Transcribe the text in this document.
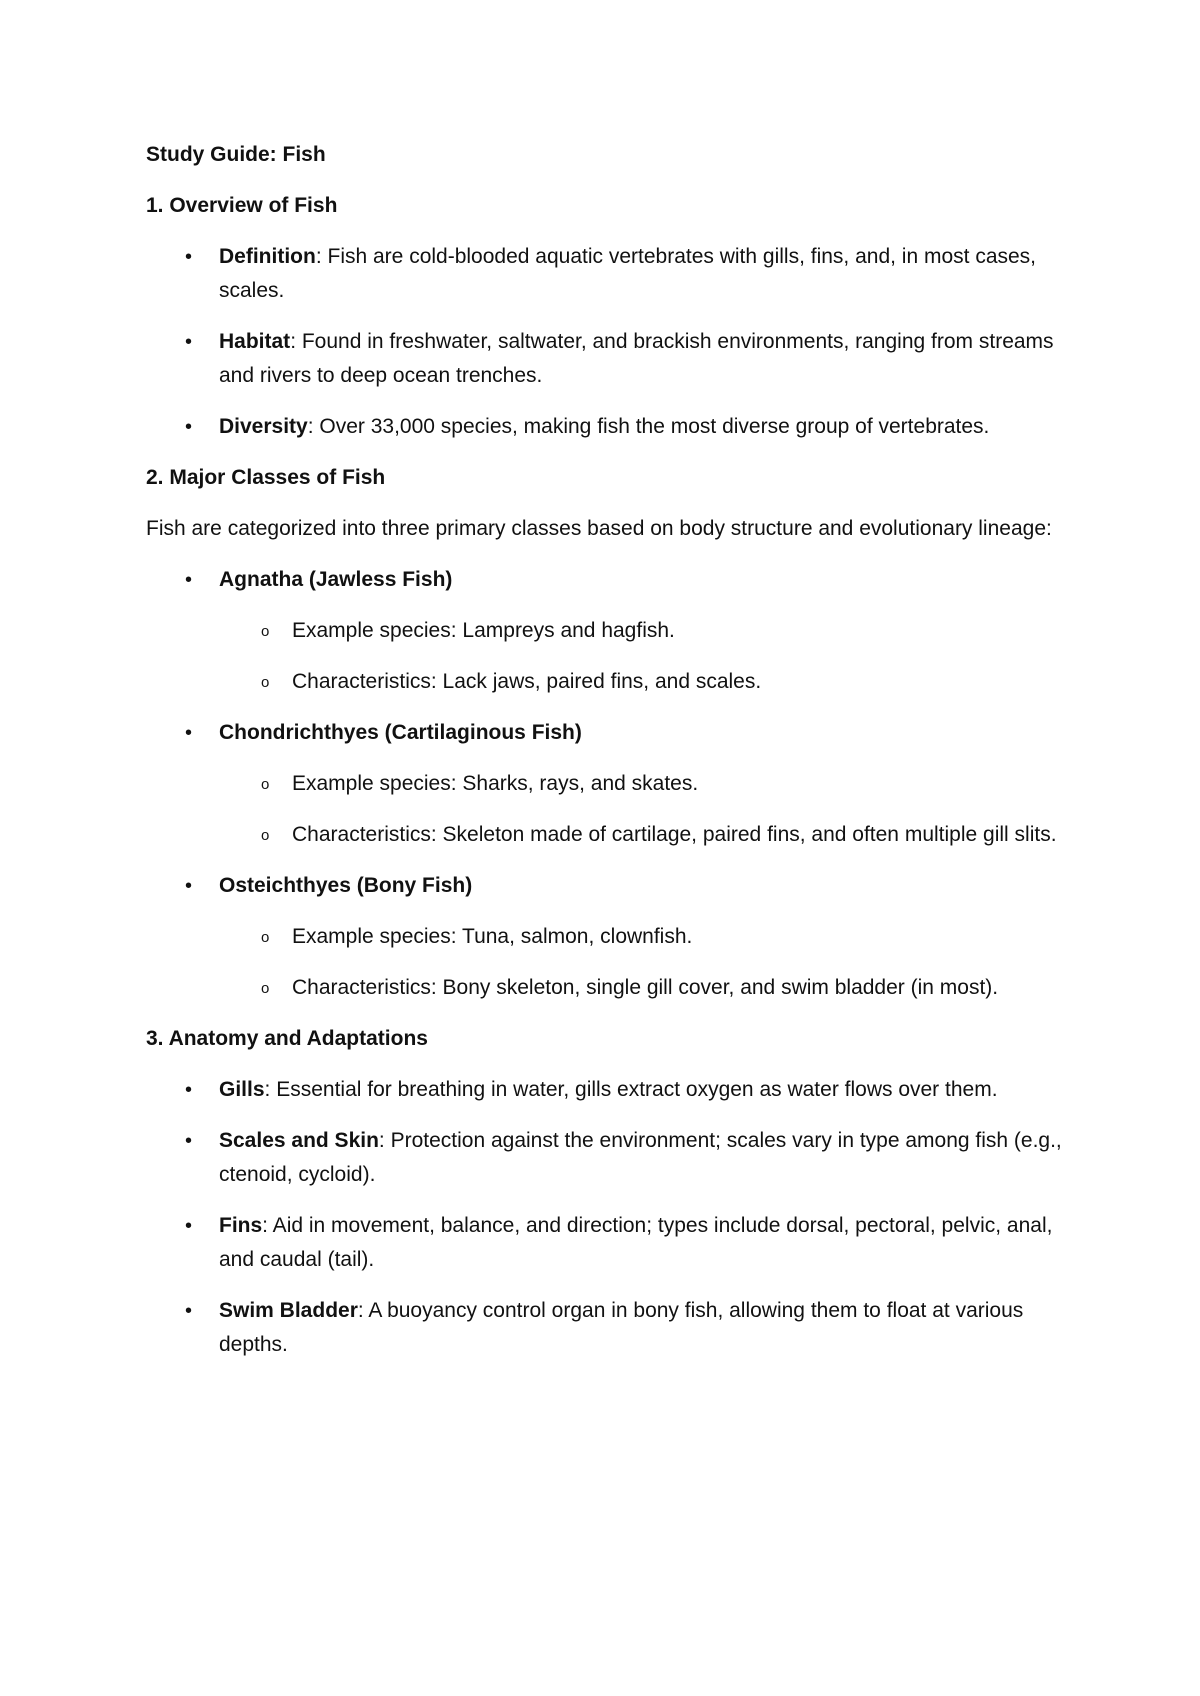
Study Guide: Fish
1. Overview of Fish
• Definition: Fish are cold-blooded aquatic vertebrates with gills, fins, and, in most cases, scales.
• Habitat: Found in freshwater, saltwater, and brackish environments, ranging from streams and rivers to deep ocean trenches.
• Diversity: Over 33,000 species, making fish the most diverse group of vertebrates.
2. Major Classes of Fish
Fish are categorized into three primary classes based on body structure and evolutionary lineage:
• Agnatha (Jawless Fish)
o Example species: Lampreys and hagfish.
o Characteristics: Lack jaws, paired fins, and scales.
• Chondrichthyes (Cartilaginous Fish)
o Example species: Sharks, rays, and skates.
o Characteristics: Skeleton made of cartilage, paired fins, and often multiple gill slits.
• Osteichthyes (Bony Fish)
o Example species: Tuna, salmon, clownfish.
o Characteristics: Bony skeleton, single gill cover, and swim bladder (in most).
3. Anatomy and Adaptations
• Gills: Essential for breathing in water, gills extract oxygen as water flows over them.
• Scales and Skin: Protection against the environment; scales vary in type among fish (e.g., ctenoid, cycloid).
• Fins: Aid in movement, balance, and direction; types include dorsal, pectoral, pelvic, anal, and caudal (tail).
• Swim Bladder: A buoyancy control organ in bony fish, allowing them to float at various depths.
